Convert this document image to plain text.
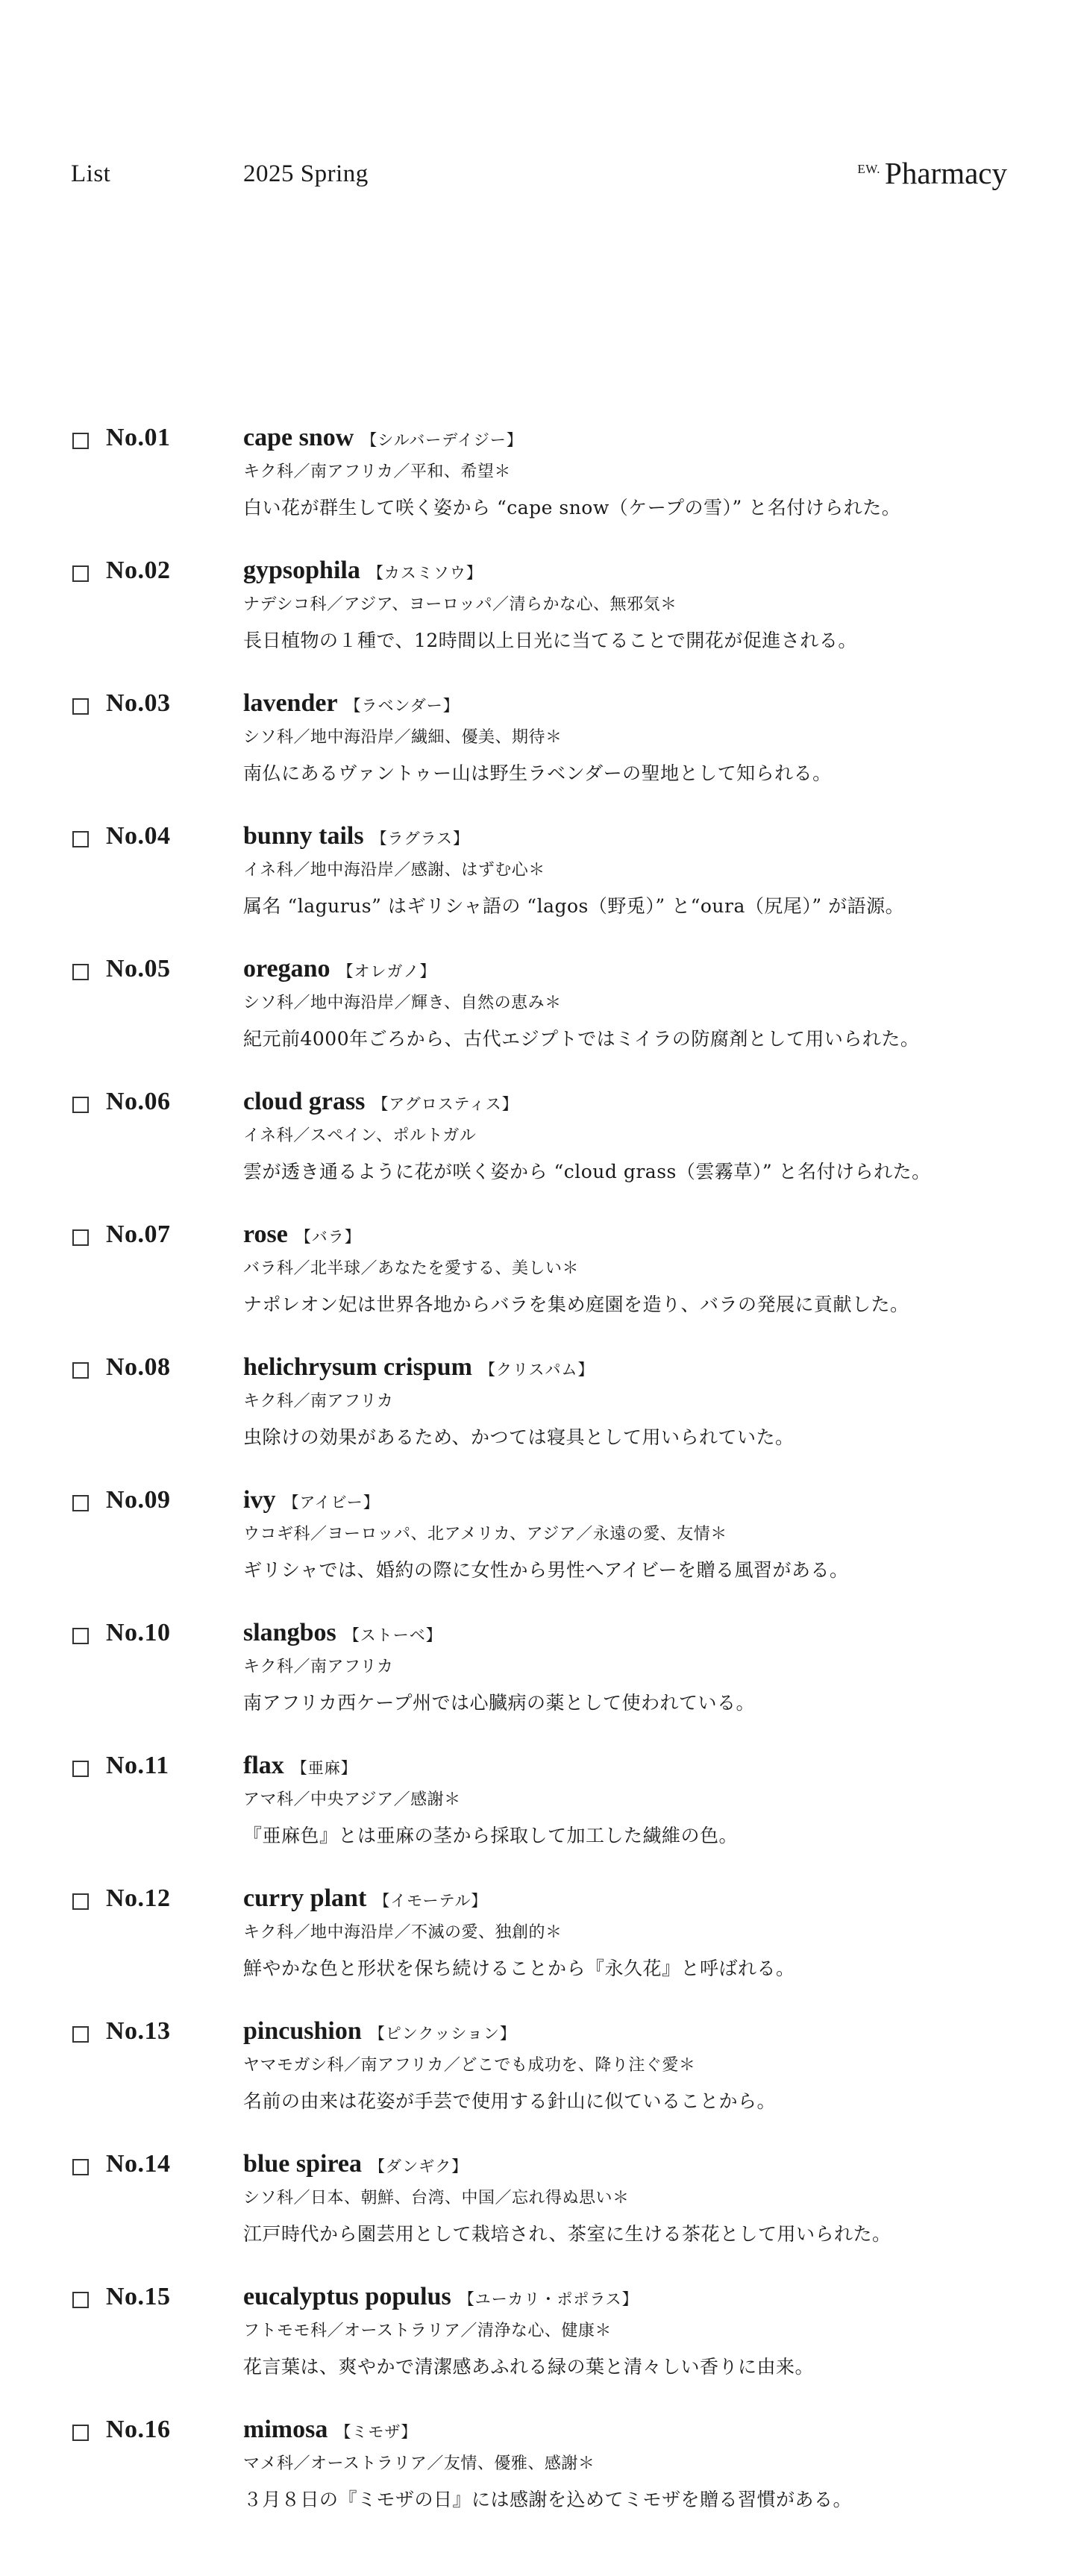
List	2025 Spring	EW. Pharmacy
No.01	cape snow 【シルバーデイジー】
キク科／南アフリカ／平和、希望＊
白い花が群生して咲く姿から “cape snow（ケープの雪）” と名付けられた。
No.02	gypsophila 【カスミソウ】
ナデシコ科／アジア、ヨーロッパ／清らかな心、無邪気＊
長日植物の１種で、12時間以上日光に当てることで開花が促進される。
No.03	lavender 【ラベンダー】
シソ科／地中海沿岸／繊細、優美、期待＊
南仏にあるヴァントゥー山は野生ラベンダーの聖地として知られる。
No.04	bunny tails 【ラグラス】
イネ科／地中海沿岸／感謝、はずむ心＊
属名 “lagurus” はギリシャ語の “lagos（野兎）” と“oura（尻尾）” が語源。
No.05	oregano 【オレガノ】
シソ科／地中海沿岸／輝き、自然の恵み＊
紀元前4000年ごろから、古代エジプトではミイラの防腐剤として用いられた。
No.06	cloud grass 【アグロスティス】
イネ科／スペイン、ポルトガル
雲が透き通るように花が咲く姿から “cloud grass（雲霧草）” と名付けられた。
No.07	rose 【バラ】
バラ科／北半球／あなたを愛する、美しい＊
ナポレオン妃は世界各地からバラを集め庭園を造り、バラの発展に貢献した。
No.08	helichrysum crispum 【クリスパム】
キク科／南アフリカ
虫除けの効果があるため、かつては寝具として用いられていた。
No.09	ivy 【アイビー】
ウコギ科／ヨーロッパ、北アメリカ、アジア／永遠の愛、友情＊
ギリシャでは、婚約の際に女性から男性へアイビーを贈る風習がある。
No.10	slangbos 【ストーベ】
キク科／南アフリカ
南アフリカ西ケープ州では心臓病の薬として使われている。
No.11	flax 【亜麻】
アマ科／中央アジア／感謝＊
『亜麻色』とは亜麻の茎から採取して加工した繊維の色。
No.12	curry plant 【イモーテル】
キク科／地中海沿岸／不滅の愛、独創的＊
鮮やかな色と形状を保ち続けることから『永久花』と呼ばれる。
No.13	pincushion 【ピンクッション】
ヤマモガシ科／南アフリカ／どこでも成功を、降り注ぐ愛＊
名前の由来は花姿が手芸で使用する針山に似ていることから。
No.14	blue spirea 【ダンギク】
シソ科／日本、朝鮮、台湾、中国／忘れ得ぬ思い＊
江戸時代から園芸用として栽培され、茶室に生ける茶花として用いられた。
No.15	eucalyptus populus 【ユーカリ・ポポラス】
フトモモ科／オーストラリア／清浄な心、健康＊
花言葉は、爽やかで清潔感あふれる緑の葉と清々しい香りに由来。
No.16	mimosa 【ミモザ】
マメ科／オーストラリア／友情、優雅、感謝＊
３月８日の『ミモザの日』には感謝を込めてミモザを贈る習慣がある。
